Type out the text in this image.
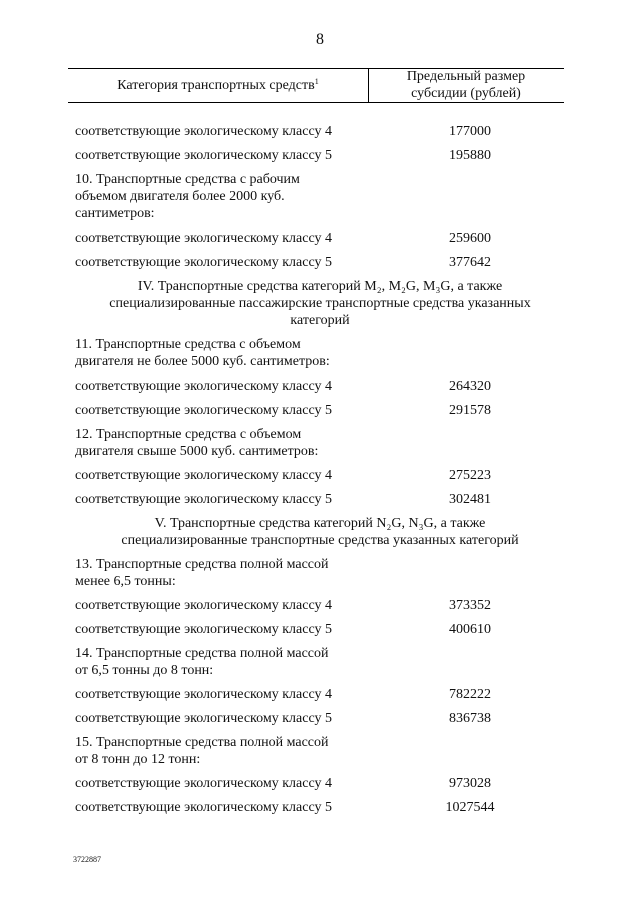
8
Категория транспортных средств$^1$	Предельный размер
субсидии (рублей)
соответствующие экологическому классу 4	177000
соответствующие экологическому классу 5	195880
10. Транспортные средства с рабочим
объемом двигателя более 2000 куб.
сантиметров:
соответствующие экологическому классу 4	259600
соответствующие экологическому классу 5	377642
IV. Транспортные средства категорий M₂, M₂G, M₃G, а также
специализированные пассажирские транспортные средства указанных
категорий
11. Транспортные средства с объемом
двигателя не более 5000 куб. сантиметров:
соответствующие экологическому классу 4	264320
соответствующие экологическому классу 5	291578
12. Транспортные средства с объемом
двигателя свыше 5000 куб. сантиметров:
соответствующие экологическому классу 4	275223
соответствующие экологическому классу 5	302481
V. Транспортные средства категорий N₂G, N₃G, а также
специализированные транспортные средства указанных категорий
13. Транспортные средства полной массой
менее 6,5 тонны:
соответствующие экологическому классу 4	373352
соответствующие экологическому классу 5	400610
14. Транспортные средства полной массой
от 6,5 тонны до 8 тонн:
соответствующие экологическому классу 4	782222
соответствующие экологическому классу 5	836738
15. Транспортные средства полной массой
от 8 тонн до 12 тонн:
соответствующие экологическому классу 4	973028
соответствующие экологическому классу 5	1027544
3722887
